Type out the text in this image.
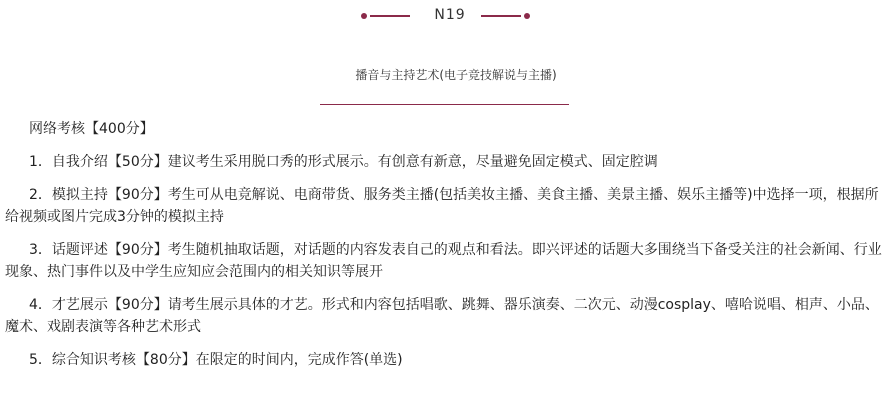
N19
播音与主持艺术(电子竞技解说与主播)
网络考核【400分】

1．自我介绍【50分】建议考生采用脱口秀的形式展示。有创意有新意，尽量避免固定模式、固定腔调

2．模拟主持【90分】考生可从电竞解说、电商带货、服务类主播(包括美妆主播、美食主播、美景主播、娱乐主播等)中选择一项，根据所给视频或图片完成3分钟的模拟主持

3．话题评述【90分】考生随机抽取话题，对话题的内容发表自己的观点和看法。即兴评述的话题大多围绕当下备受关注的社会新闻、行业现象、热门事件以及中学生应知应会范围内的相关知识等展开

4．才艺展示【90分】请考生展示具体的才艺。形式和内容包括唱歌、跳舞、器乐演奏、二次元、动漫cosplay、嘻哈说唱、相声、小品、魔术、戏剧表演等各种艺术形式

5．综合知识考核【80分】在限定的时间内，完成作答(单选)
